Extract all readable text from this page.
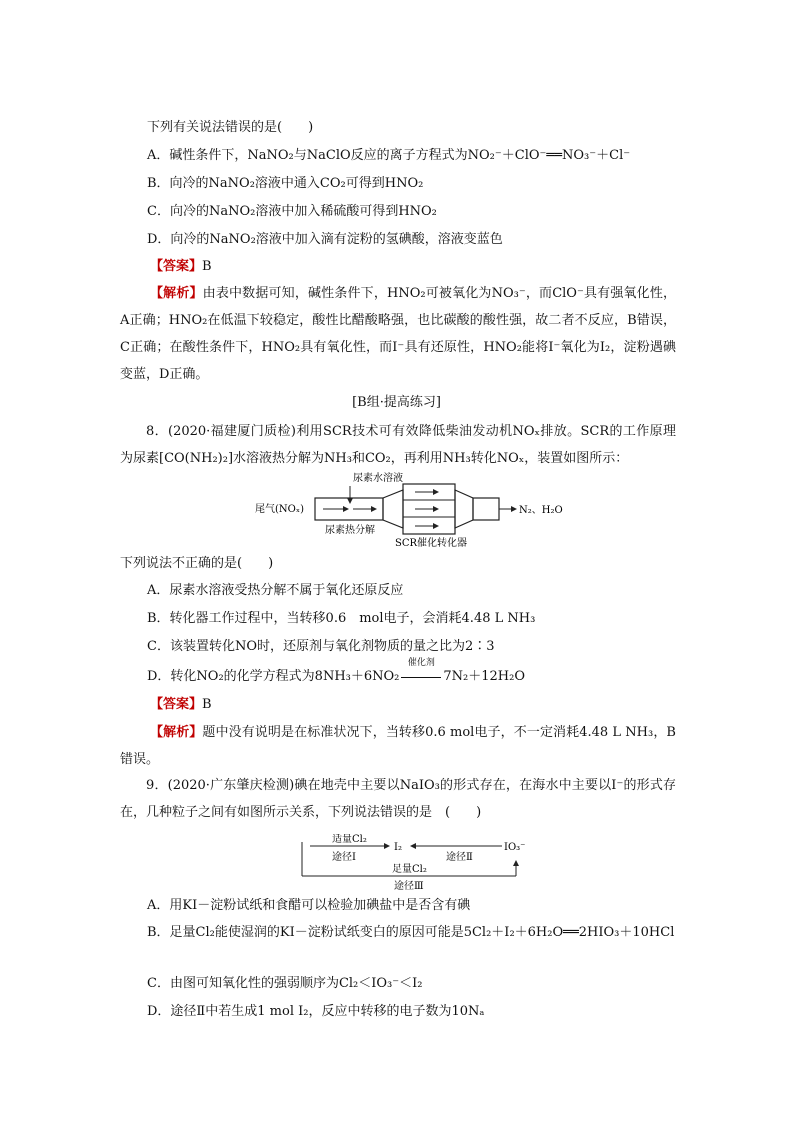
下列有关说法错误的是(　　)
A．碱性条件下，NaNO₂与NaClO反应的离子方程式为NO₂⁻＋ClO⁻══NO₃⁻＋Cl⁻
B．向冷的NaNO₂溶液中通入CO₂可得到HNO₂
C．向冷的NaNO₂溶液中加入稀硫酸可得到HNO₂
D．向冷的NaNO₂溶液中加入滴有淀粉的氢碘酸，溶液变蓝色
【答案】B
【解析】由表中数据可知，碱性条件下，HNO₂可被氧化为NO₃⁻，而ClO⁻具有强氧化性，A正确；HNO₂在低温下较稳定，酸性比醋酸略强，也比碳酸的酸性强，故二者不反应，B错误，C正确；在酸性条件下，HNO₂具有氧化性，而I⁻具有还原性，HNO₂能将I⁻氧化为I₂，淀粉遇碘变蓝，D正确。
[B组·提高练习]
8．(2020·福建厦门质检)利用SCR技术可有效降低柴油发动机NOₓ排放。SCR的工作原理为尿素[CO(NH₂)₂]水溶液热分解为NH₃和CO₂，再利用NH₃转化NOₓ，装置如图所示：
尿素水溶液
尾气(NOₓ)	N₂、H₂O
尿素热分解
SCR催化转化器
下列说法不正确的是(　　)
A．尿素水溶液受热分解不属于氧化还原反应
B．转化器工作过程中，当转移0.6　mol电子，会消耗4.48 L NH₃
C．该装置转化NO时，还原剂与氧化剂物质的量之比为2∶3
D．转化NO₂的化学方程式为8NH₃＋6NO₂
催化剂
7N₂＋12H₂O
【答案】B
【解析】题中没有说明是在标准状况下，当转移0.6 mol电子，不一定消耗4.48 L NH₃，B错误。
9．(2020·广东肇庆检测)碘在地壳中主要以NaIO₃的形式存在，在海水中主要以I⁻的形式存在，几种粒子之间有如图所示关系，下列说法错误的是　(　　)
适量Cl₂
途径Ⅰ
I₂
途径Ⅱ
IO₃⁻
足量Cl₂
途径Ⅲ
A．用KI－淀粉试纸和食醋可以检验加碘盐中是否含有碘
B．足量Cl₂能使湿润的KI－淀粉试纸变白的原因可能是5Cl₂＋I₂＋6H₂O══2HIO₃＋10HCl
C．由图可知氧化性的强弱顺序为Cl₂＜IO₃⁻＜I₂
D．途径Ⅱ中若生成1 mol I₂，反应中转移的电子数为10Nₐ
